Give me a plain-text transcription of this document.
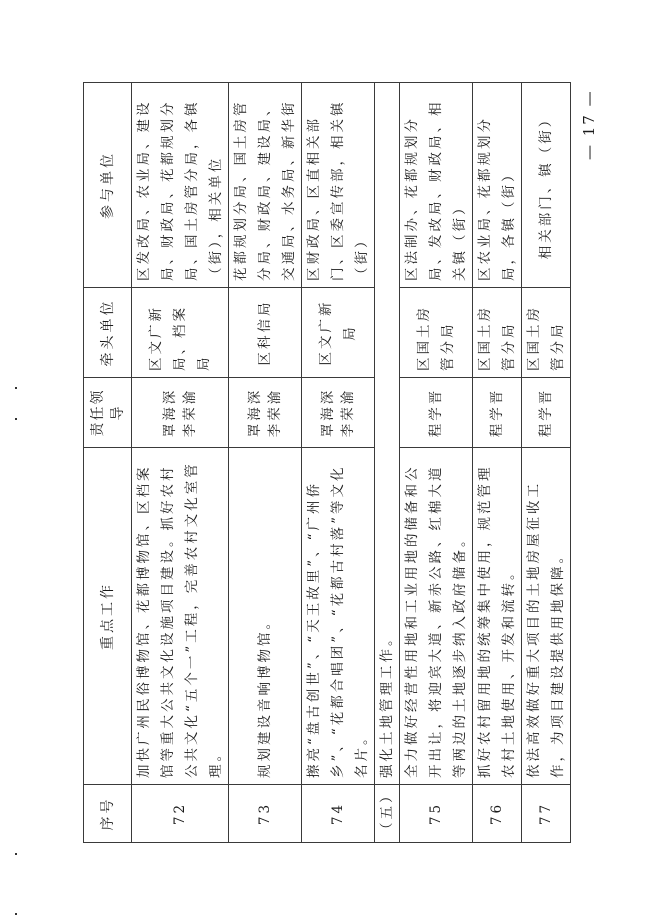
序号	重点工作	责任领导	牵头单位	参与单位
72	加快广州民俗博物馆、花都博物馆、区档案馆等重大公共文化设施项目建设。抓好农村公共文化“五个一”工程，完善农村文化室管理。	罩海深 李荣渝	区文广新局、档案局	区发改局、农业局、建设局、财政局、花都规划分局、国土房管分局，各镇（街），相关单位
73	规划建设音响博物馆。	罩海深 李荣渝	区科信局	花都规划分局、国土房管分局、财政局、建设局、交通局、水务局、新华街
74	擦亮“盘古创世”、“天王故里”、“广州侨乡”、“花都合唱团”、“花都古村落”等文化名片。	罩海深 李荣渝	区文广新局	区财政局、区直相关部门、区委宣传部，相关镇（街）
（五）	强化土地管理工作。			
75	全力做好经营性用地和工业用地的储备和公开出让，将迎宾大道、新赤公路、红棉大道等两边的土地逐步纳入政府储备。	程学晋	区国土房管分局	区法制办、花都规划分局、发改局、财政局、相关镇（街）
76	抓好农村留用地的统筹集中使用，规范管理农村土地使用、开发和流转。	程学晋	区国土房管分局	区农业局、花都规划分局，各镇（街）
77	依法高效做好重大项目的土地房屋征收工作，为项目建设提供用地保障。	程学晋	区国土房管分局	相关部门、镇（街） — 17 —
